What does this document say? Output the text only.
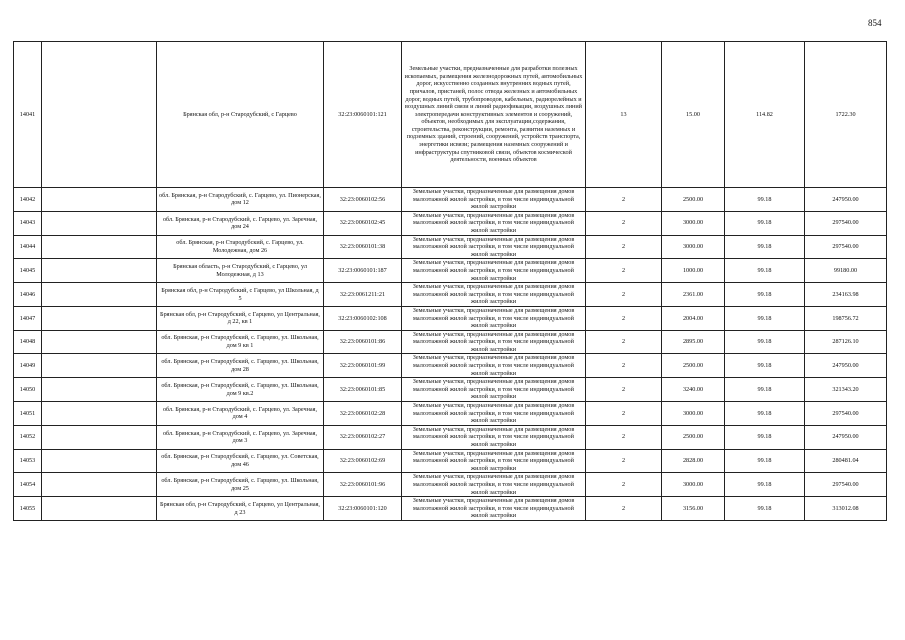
854
14041		Брянская обл, р-н Стародубский, с Гарцево	32:23:0060101:121	Земельные участки, предназначенные для разработки полезных ископаемых, размещения железнодорожных путей, автомобильных дорог, искусственно созданных внутренних водных путей, причалов, пристаней, полос отвода железных и автомобильных дорог, водных путей, трубопроводов, кабельных, радиорелейных и воздушных линий связи и линий радиофикации, воздушных линий электропередачи конструктивных элементов и сооружений, объектов, необходимых для эксплуатации,содержания, строительства, реконструкции, ремонта, развития наземных и подземных зданий, строений, сооружений, устройств транспорта, энергетики исвязи; размещения наземных сооружений и инфраструктуры спутниковой связи, объектов космической деятельности, военных объектов	13	15.00	114.82	1722.30
14042		обл. Брянская, р-н Стародубский, с. Гарцево, ул. Пионерская, дом 12	32:23:0060102:56	Земельные участки, предназначенные для размещения домов малоэтажной жилой застройки, в том числе индивидуальной жилой застройки	2	2500.00	99.18	247950.00
14043		обл. Брянская, р-н Стародубский, с. Гарцево, ул. Заречная, дом 24	32:23:0060102:45	Земельные участки, предназначенные для размещения домов малоэтажной жилой застройки, в том числе индивидуальной жилой застройки	2	3000.00	99.18	297540.00
14044		обл. Брянская, р-н Стародубский, с. Гарцево, ул. Молодежная, дом 26	32:23:0060101:38	Земельные участки, предназначенные для размещения домов малоэтажной жилой застройки, в том числе индивидуальной жилой застройки	2	3000.00	99.18	297540.00
14045		Брянская область, р-н Стародубский, с Гарцево, ул Молодежная, д 13	32:23:0060101:187	Земельные участки, предназначенные для размещения домов малоэтажной жилой застройки, в том числе индивидуальной жилой застройки	2	1000.00	99.18	99180.00
14046		Брянская обл, р-н Стародубский, с Гарцево, ул Школьная, д 5	32:23:0061211:21	Земельные участки, предназначенные для размещения домов малоэтажной жилой застройки, в том числе индивидуальной жилой застройки	2	2361.00	99.18	234163.98
14047		Брянская обл, р-н Стародубский, с Гарцево, ул Центральная, д 22, кв 1	32:23:0060102:108	Земельные участки, предназначенные для размещения домов малоэтажной жилой застройки, в том числе индивидуальной жилой застройки	2	2004.00	99.18	198756.72
14048		обл. Брянская, р-н Стародубский, с. Гарцево, ул. Школьная, дом 9 кв 1	32:23:0060101:86	Земельные участки, предназначенные для размещения домов малоэтажной жилой застройки, в том числе индивидуальной жилой застройки	2	2895.00	99.18	287126.10
14049		обл. Брянская, р-н Стародубский, с. Гарцево, ул. Школьная, дом 28	32:23:0060101:99	Земельные участки, предназначенные для размещения домов малоэтажной жилой застройки, в том числе индивидуальной жилой застройки	2	2500.00	99.18	247950.00
14050		обл. Брянская, р-н Стародубский, с. Гарцево, ул. Школьная, дом 9 кв.2	32:23:0060101:85	Земельные участки, предназначенные для размещения домов малоэтажной жилой застройки, в том числе индивидуальной жилой застройки	2	3240.00	99.18	321343.20
14051		обл. Брянская, р-н Стародубский, с. Гарцево, ул. Заречная, дом 4	32:23:0060102:28	Земельные участки, предназначенные для размещения домов малоэтажной жилой застройки, в том числе индивидуальной жилой застройки	2	3000.00	99.18	297540.00
14052		обл. Брянская, р-н Стародубский, с. Гарцево, ул. Заречная, дом 3	32:23:0060102:27	Земельные участки, предназначенные для размещения домов малоэтажной жилой застройки, в том числе индивидуальной жилой застройки	2	2500.00	99.18	247950.00
14053		обл. Брянская, р-н Стародубский, с. Гарцево, ул. Советская, дом 46	32:23:0060102:69	Земельные участки, предназначенные для размещения домов малоэтажной жилой застройки, в том числе индивидуальной жилой застройки	2	2828.00	99.18	280481.04
14054		обл. Брянская, р-н Стародубский, с. Гарцево, ул. Школьная, дом 25	32:23:0060101:96	Земельные участки, предназначенные для размещения домов малоэтажной жилой застройки, в том числе индивидуальной жилой застройки	2	3000.00	99.18	297540.00
14055		Брянская обл, р-н Стародубский, с Гарцево, ул Центральная, д 23	32:23:0060101:120	Земельные участки, предназначенные для размещения домов малоэтажной жилой застройки, в том числе индивидуальной жилой застройки	2	3156.00	99.18	313012.08
